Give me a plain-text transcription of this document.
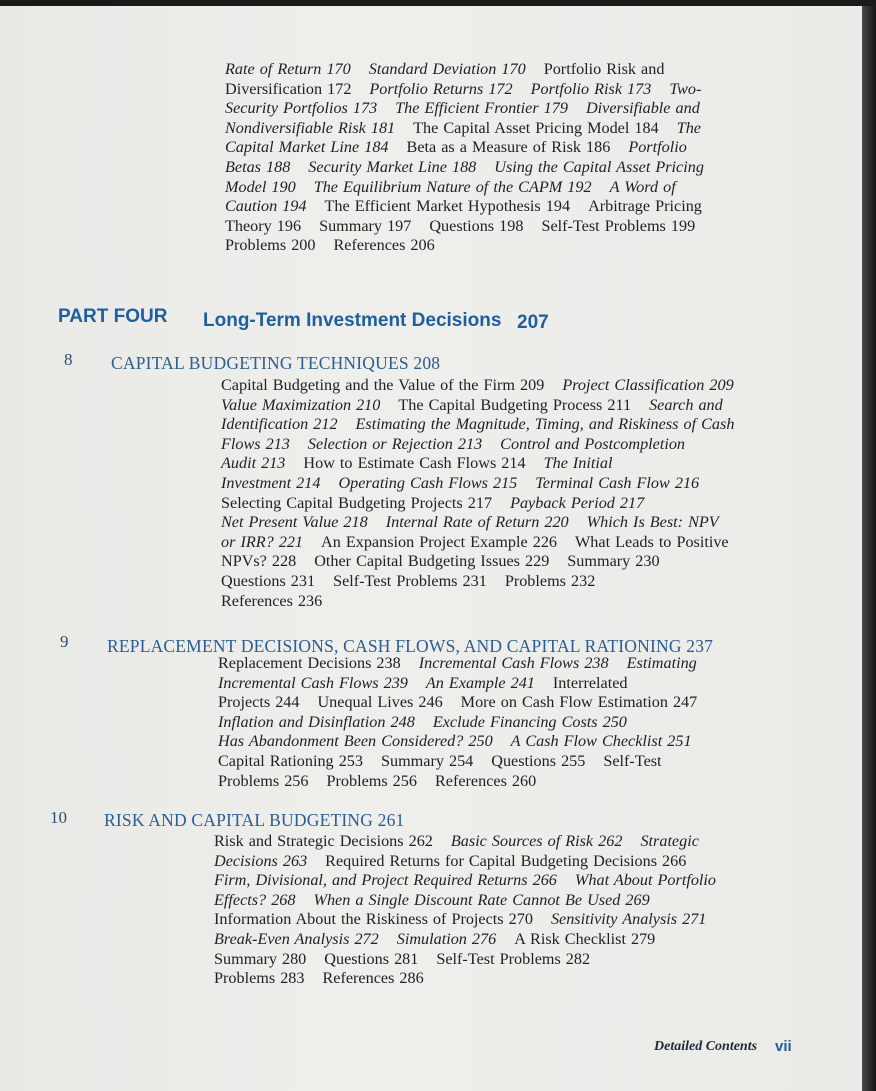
Rate of Return 170 Standard Deviation 170 Portfolio Risk and
Diversification 172 Portfolio Returns 172 Portfolio Risk 173 Two-
Security Portfolios 173 The Efficient Frontier 179 Diversifiable and
Nondiversifiable Risk 181 The Capital Asset Pricing Model 184 The
Capital Market Line 184 Beta as a Measure of Risk 186 Portfolio
Betas 188 Security Market Line 188 Using the Capital Asset Pricing
Model 190 The Equilibrium Nature of the CAPM 192 A Word of
Caution 194 The Efficient Market Hypothesis 194 Arbitrage Pricing
Theory 196 Summary 197 Questions 198 Self-Test Problems 199
Problems 200 References 206
PART FOUR Long-Term Investment Decisions 207
8 CAPITAL BUDGETING TECHNIQUES 208
Capital Budgeting and the Value of the Firm 209 Project Classification 209
Value Maximization 210 The Capital Budgeting Process 211 Search and
Identification 212 Estimating the Magnitude, Timing, and Riskiness of Cash
Flows 213 Selection or Rejection 213 Control and Postcompletion
Audit 213 How to Estimate Cash Flows 214 The Initial
Investment 214 Operating Cash Flows 215 Terminal Cash Flow 216
Selecting Capital Budgeting Projects 217 Payback Period 217
Net Present Value 218 Internal Rate of Return 220 Which Is Best: NPV
or IRR? 221 An Expansion Project Example 226 What Leads to Positive
NPVs? 228 Other Capital Budgeting Issues 229 Summary 230
Questions 231 Self-Test Problems 231 Problems 232
References 236
9 REPLACEMENT DECISIONS, CASH FLOWS, AND CAPITAL RATIONING 237
Replacement Decisions 238 Incremental Cash Flows 238 Estimating
Incremental Cash Flows 239 An Example 241 Interrelated
Projects 244 Unequal Lives 246 More on Cash Flow Estimation 247
Inflation and Disinflation 248 Exclude Financing Costs 250
Has Abandonment Been Considered? 250 A Cash Flow Checklist 251
Capital Rationing 253 Summary 254 Questions 255 Self-Test
Problems 256 Problems 256 References 260
10 RISK AND CAPITAL BUDGETING 261
Risk and Strategic Decisions 262 Basic Sources of Risk 262 Strategic
Decisions 263 Required Returns for Capital Budgeting Decisions 266
Firm, Divisional, and Project Required Returns 266 What About Portfolio
Effects? 268 When a Single Discount Rate Cannot Be Used 269
Information About the Riskiness of Projects 270 Sensitivity Analysis 271
Break-Even Analysis 272 Simulation 276 A Risk Checklist 279
Summary 280 Questions 281 Self-Test Problems 282
Problems 283 References 286
Detailed Contents vii
